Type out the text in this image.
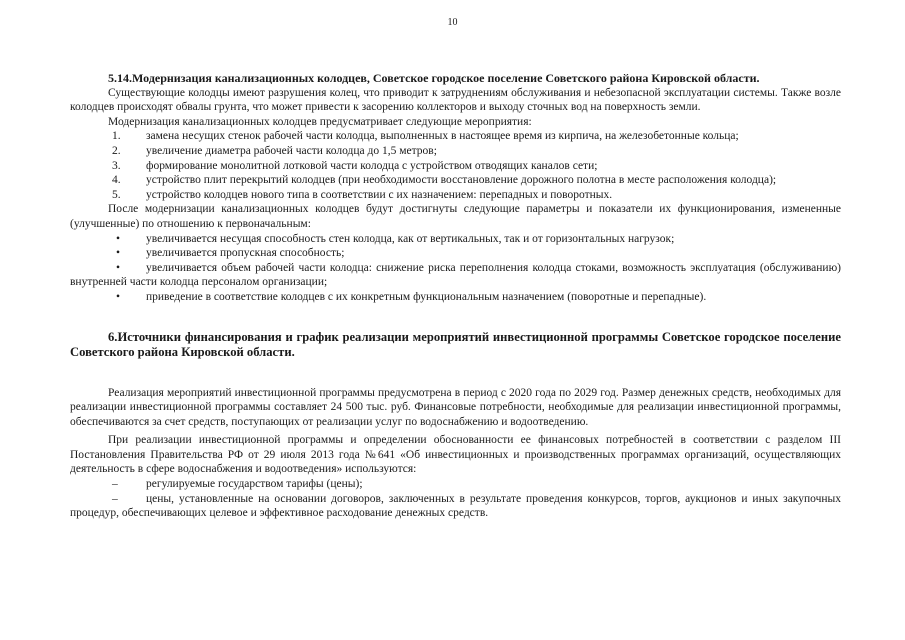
10

5.14.Модернизация канализационных колодцев, Советское городское поселение Советского района Кировской области.

Существующие колодцы имеют разрушения колец, что приводит к затруднениям обслуживания и небезопасной эксплуатации системы. Также возле колодцев происходят обвалы грунта, что может привести к засорению коллекторов и выходу сточных вод на поверхность земли.

Модернизация канализационных колодцев предусматривает следующие мероприятия:

1. замена несущих стенок рабочей части колодца, выполненных в настоящее время из кирпича, на железобетонные кольца;

2. увеличение диаметра рабочей части колодца до 1,5 метров;

3. формирование монолитной лотковой части колодца с устройством отводящих каналов сети;

4. устройство плит перекрытий колодцев (при необходимости восстановление дорожного полотна в месте расположения колодца);

5. устройство колодцев нового типа в соответствии с их назначением: перепадных и поворотных.

После модернизации канализационных колодцев будут достигнуты следующие параметры и показатели их функционирования, измененные (улучшенные) по отношению к первоначальным:

• увеличивается несущая способность стен колодца, как от вертикальных, так и от горизонтальных нагрузок;

• увеличивается пропускная способность;

• увеличивается объем рабочей части колодца: снижение риска переполнения колодца стоками, возможность эксплуатация (обслуживанию) внутренней части колодца персоналом организации;

• приведение в соответствие колодцев с их конкретным функциональным назначением (поворотные и перепадные).

6.Источники финансирования и график реализации мероприятий инвестиционной программы Советское городское поселение Советского района Кировской области.

Реализация мероприятий инвестиционной программы предусмотрена в период с 2020 года по 2029 год. Размер денежных средств, необходимых для реализации инвестиционной программы составляет 24 500 тыс. руб. Финансовые потребности, необходимые для реализации инвестиционной программы, обеспечиваются за счет средств, поступающих от реализации услуг по водоснабжению и водоотведению.

При реализации инвестиционной программы и определении обоснованности ее финансовых потребностей в соответствии с разделом III Постановления Правительства РФ от 29 июля 2013 года №641 «Об инвестиционных и производственных программах организаций, осуществляющих деятельность в сфере водоснабжения и водоотведения» используются:

– регулируемые государством тарифы (цены);

– цены, установленные на основании договоров, заключенных в результате проведения конкурсов, торгов, аукционов и иных закупочных процедур, обеспечивающих целевое и эффективное расходование денежных средств.
